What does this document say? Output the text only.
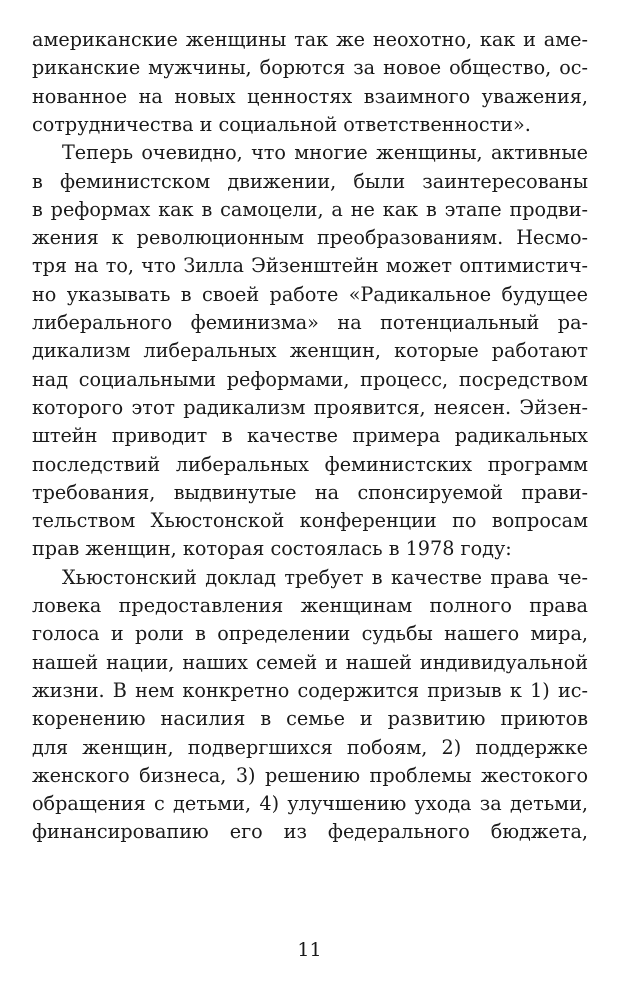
американские женщины так же неохотно, как и аме-
риканские мужчины, борются за новое общество, ос-
нованное на новых ценностях взаимного уважения,
сотрудничества и социальной ответственности».
Теперь очевидно, что многие женщины, активные
в феминистском движении, были заинтересованы
в реформах как в самоцели, а не как в этапе продви-
жения к революционным преобразованиям. Несмо-
тря на то, что Зилла Эйзенштейн может оптимистич-
но указывать в своей работе «Радикальное будущее
либерального феминизма» на потенциальный ра-
дикализм либеральных женщин, которые работают
над социальными реформами, процесс, посредством
которого этот радикализм проявится, неясен. Эйзен-
штейн приводит в качестве примера радикальных
последствий либеральных феминистских программ
требования, выдвинутые на спонсируемой прави-
тельством Хьюстонской конференции по вопросам
прав женщин, которая состоялась в 1978 году:
Хьюстонский доклад требует в качестве права че-
ловека предоставления женщинам полного права
голоса и роли в определении судьбы нашего мира,
нашей нации, наших семей и нашей индивидуальной
жизни. В нем конкретно содержится призыв к 1) ис-
коренению насилия в семье и развитию приютов
для женщин, подвергшихся побоям, 2) поддержке
женского бизнеса, 3) решению проблемы жестокого
обращения с детьми, 4) улучшению ухода за детьми,
финансировапию его из федерального бюджета,
11
